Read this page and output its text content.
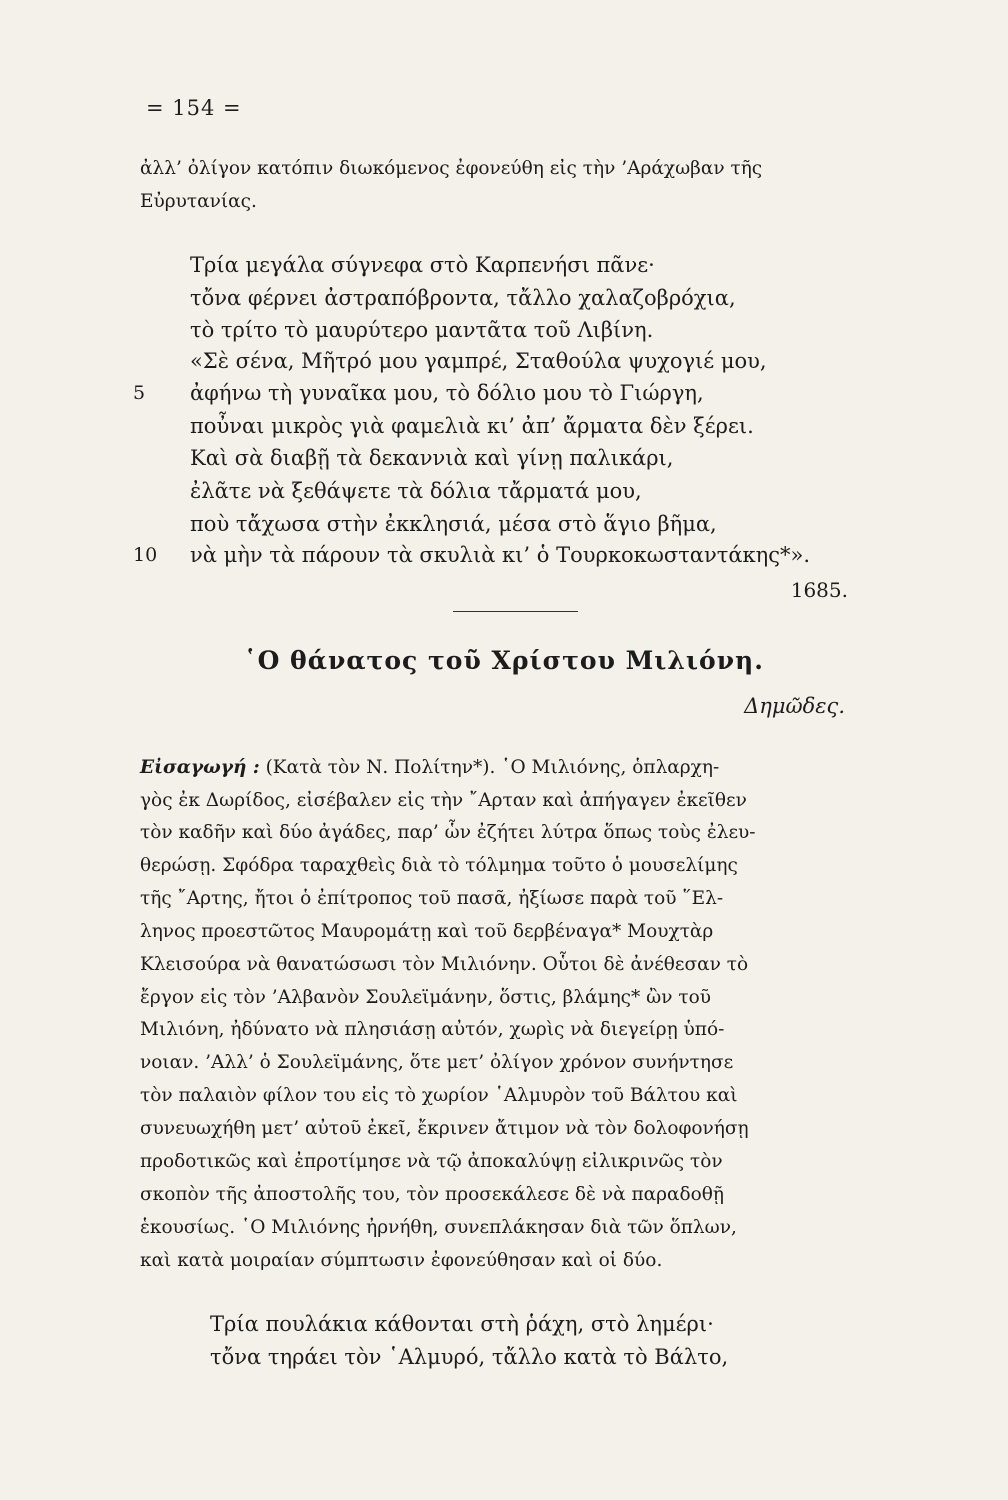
= 154 =
ἀλλ’ ὀλίγον κατόπιν διωκόμενος ἐφονεύθη εἰς τὴν ’Αράχωβαν τῆς
Εὐρυτανίας.
Τρία μεγάλα σύγνεφα στὸ Καρπενήσι πᾶνε·
τὄνα φέρνει ἀστραπόβροντα, τἄλλο χαλαζοβρόχια,
τὸ τρίτο τὸ μαυρύτερο μαντᾶτα τοῦ Λιβίνη.
«Σὲ σένα, Μῆτρό μου γαμπρέ, Σταθούλα ψυχογιέ μου,
5 ἀφήνω τὴ γυναῖκα μου, τὸ δόλιο μου τὸ Γιώργη,
ποὖναι μικρὸς γιὰ φαμελιὰ κι’ ἀπ’ ἄρματα δὲν ξέρει.
Καὶ σὰ διαβῇ τὰ δεκαννιὰ καὶ γίνῃ παλικάρι,
ἐλᾶτε νὰ ξεθάψετε τὰ δόλια τἄρματά μου,
ποὺ τἄχωσα στὴν ἐκκλησιά, μέσα στὸ ἅγιο βῆμα,
10 νὰ μὴν τὰ πάρουν τὰ σκυλιὰ κι’ ὁ Τουρκοκωσταντάκης*».
1685.
῾Ο θάνατος τοῦ Χρίστου Μιλιόνη.
Δημῶδες.
Εἰσαγωγή : (Κατὰ τὸν Ν. Πολίτην*). ῾Ο Μιλιόνης, ὁπλαρχη-
γὸς ἐκ Δωρίδος, εἰσέβαλεν εἰς τὴν ῎Αρταν καὶ ἀπήγαγεν ἐκεῖθεν
τὸν καδῆν καὶ δύο ἀγάδες, παρ’ ὧν ἐζήτει λύτρα ὅπως τοὺς ἐλευ-
θερώσῃ. Σφόδρα ταραχθεὶς διὰ τὸ τόλμημα τοῦτο ὁ μουσελίμης
τῆς ῎Αρτης, ἤτοι ὁ ἐπίτροπος τοῦ πασᾶ, ἠξίωσε παρὰ τοῦ ῞Ελ-
ληνος προεστῶτος Μαυρομάτῃ καὶ τοῦ δερβέναγα* Μουχτὰρ
Κλεισούρα νὰ θανατώσωσι τὸν Μιλιόνην. Οὗτοι δὲ ἀνέθεσαν τὸ
ἔργον εἰς τὸν ’Αλβανὸν Σουλεϊμάνην, ὅστις, βλάμης* ὢν τοῦ
Μιλιόνη, ἠδύνατο νὰ πλησιάσῃ αὐτόν, χωρὶς νὰ διεγείρῃ ὑπό-
νοιαν. ’Αλλ’ ὁ Σουλεϊμάνης, ὅτε μετ’ ὀλίγον χρόνον συνήντησε
τὸν παλαιὸν φίλον του εἰς τὸ χωρίον ῾Αλμυρὸν τοῦ Βάλτου καὶ
συνευωχήθη μετ’ αὐτοῦ ἐκεῖ, ἔκρινεν ἄτιμον νὰ τὸν δολοφονήσῃ
προδοτικῶς καὶ ἐπροτίμησε νὰ τῷ ἀποκαλύψῃ εἰλικρινῶς τὸν
σκοπὸν τῆς ἀποστολῆς του, τὸν προσεκάλεσε δὲ νὰ παραδοθῇ
ἑκουσίως. ῾Ο Μιλιόνης ἠρνήθη, συνεπλάκησαν διὰ τῶν ὅπλων,
καὶ κατὰ μοιραίαν σύμπτωσιν ἐφονεύθησαν καὶ οἱ δύο.
Τρία πουλάκια κάθονται στὴ ῥάχη, στὸ λημέρι·
τὄνα τηράει τὸν ῾Αλμυρό, τἄλλο κατὰ τὸ Βάλτο,
